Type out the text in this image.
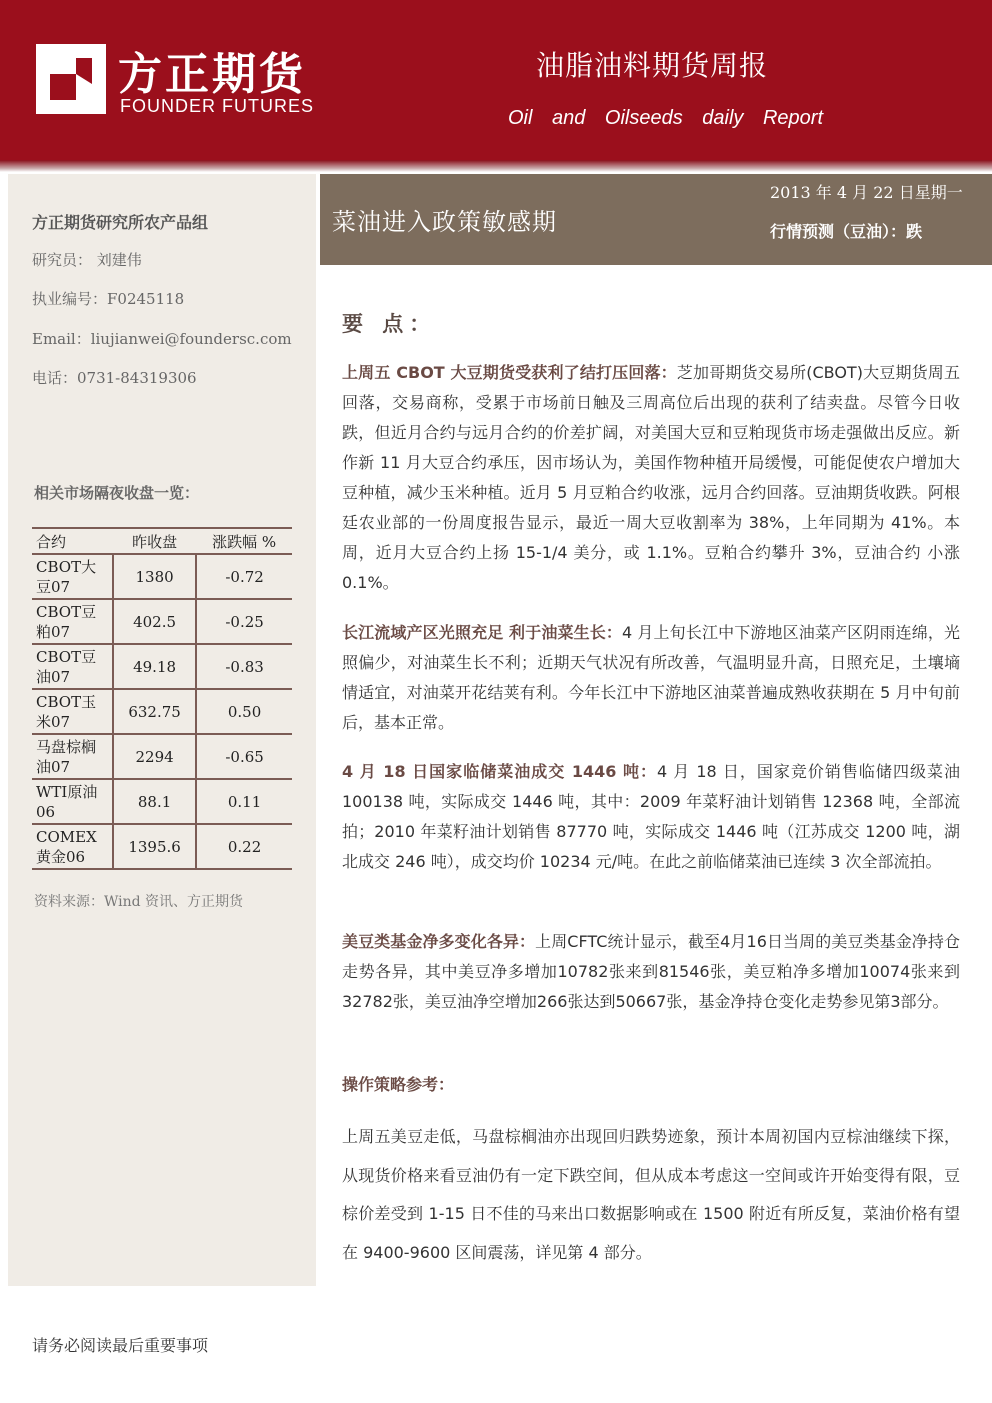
方正期货
FOUNDER FUTURES
油脂油料期货周报
Oil and Oilseeds daily Report
方正期货研究所农产品组
研究员： 刘建伟
执业编号：F0245118
Email：liujianwei@foundersc.com
电话：0731-84319306
相关市场隔夜收盘一览：
合约	昨收盘	涨跌幅 %
CBOT大豆07	1380	-0.72
CBOT豆粕07	402.5	-0.25
CBOT豆油07	49.18	-0.83
CBOT玉米07	632.75	0.50
马盘棕榈油07	2294	-0.65
WTI原油06	88.1	0.11
COMEX黄金06	1395.6	0.22
资料来源：Wind 资讯、方正期货
菜油进入政策敏感期
2013 年 4 月 22 日星期一
行情预测（豆油）：跌
要 点：
上周五 CBOT 大豆期货受获利了结打压回落：芝加哥期货交易所(CBOT)大豆期货周五回落，交易商称，受累于市场前日触及三周高位后出现的获利了结卖盘。尽管今日收跌，但近月合约与远月合约的价差扩阔，对美国大豆和豆粕现货市场走强做出反应。新作新 11 月大豆合约承压，因市场认为，美国作物种植开局缓慢，可能促使农户增加大豆种植，减少玉米种植。近月 5 月豆粕合约收涨，远月合约回落。豆油期货收跌。阿根廷农业部的一份周度报告显示，最近一周大豆收割率为 38%，上年同期为 41%。本周，近月大豆合约上扬 15-1/4 美分，或 1.1%。豆粕合约攀升 3%，豆油合约 小涨 0.1%。
长江流域产区光照充足 利于油菜生长：4 月上旬长江中下游地区油菜产区阴雨连绵，光照偏少，对油菜生长不利；近期天气状况有所改善，气温明显升高，日照充足，土壤墒情适宜，对油菜开花结荚有利。今年长江中下游地区油菜普遍成熟收获期在 5 月中旬前后，基本正常。
4 月 18 日国家临储菜油成交 1446 吨：4 月 18 日，国家竞价销售临储四级菜油 100138 吨，实际成交 1446 吨，其中：2009 年菜籽油计划销售 12368 吨，全部流拍；2010 年菜籽油计划销售 87770 吨，实际成交 1446 吨（江苏成交 1200 吨，湖北成交 246 吨），成交均价 10234 元/吨。在此之前临储菜油已连续 3 次全部流拍。
美豆类基金净多变化各异：上周CFTC统计显示，截至4月16日当周的美豆类基金净持仓走势各异，其中美豆净多增加10782张来到81546张，美豆粕净多增加10074张来到32782张，美豆油净空增加266张达到50667张，基金净持仓变化走势参见第3部分。
操作策略参考：
上周五美豆走低，马盘棕榈油亦出现回归跌势迹象，预计本周初国内豆棕油继续下探，从现货价格来看豆油仍有一定下跌空间，但从成本考虑这一空间或许开始变得有限，豆棕价差受到 1-15 日不佳的马来出口数据影响或在 1500 附近有所反复，菜油价格有望在 9400-9600 区间震荡，详见第 4 部分。
请务必阅读最后重要事项
